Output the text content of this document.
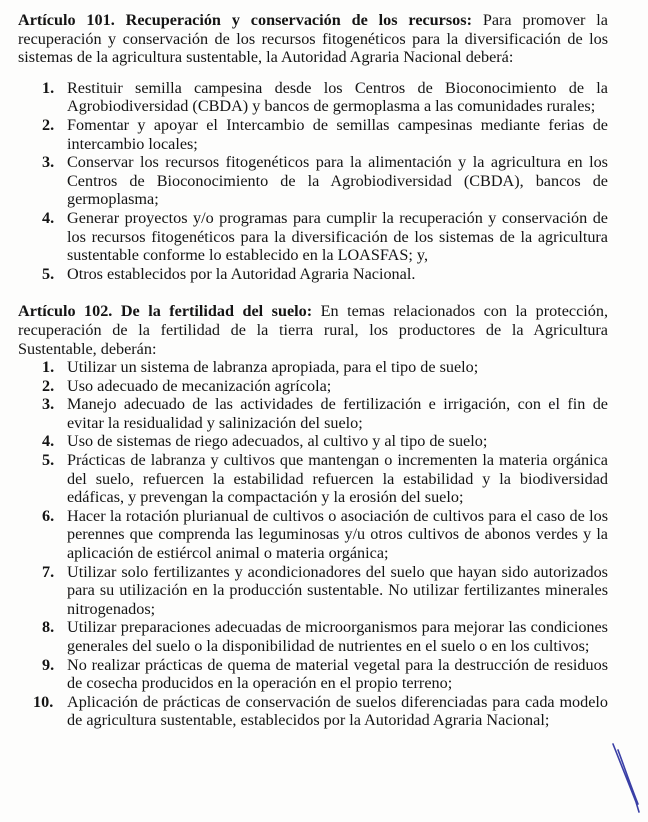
Artículo 101. Recuperación y conservación de los recursos: Para promover la recuperación y conservación de los recursos fitogenéticos para la diversificación de los sistemas de la agricultura sustentable, la Autoridad Agraria Nacional deberá:

1. Restituir semilla campesina desde los Centros de Bioconocimiento de la Agrobiodiversidad (CBDA) y bancos de germoplasma a las comunidades rurales;
2. Fomentar y apoyar el Intercambio de semillas campesinas mediante ferias de intercambio locales;
3. Conservar los recursos fitogenéticos para la alimentación y la agricultura en los Centros de Bioconocimiento de la Agrobiodiversidad (CBDA), bancos de germoplasma;
4. Generar proyectos y/o programas para cumplir la recuperación y conservación de los recursos fitogenéticos para la diversificación de los sistemas de la agricultura sustentable conforme lo establecido en la LOASFAS; y,
5. Otros establecidos por la Autoridad Agraria Nacional.

Artículo 102. De la fertilidad del suelo: En temas relacionados con la protección, recuperación de la fertilidad de la tierra rural, los productores de la Agricultura Sustentable, deberán:

1. Utilizar un sistema de labranza apropiada, para el tipo de suelo;
2. Uso adecuado de mecanización agrícola;
3. Manejo adecuado de las actividades de fertilización e irrigación, con el fin de evitar la residualidad y salinización del suelo;
4. Uso de sistemas de riego adecuados, al cultivo y al tipo de suelo;
5. Prácticas de labranza y cultivos que mantengan o incrementen la materia orgánica del suelo, refuercen la estabilidad refuercen la estabilidad y la biodiversidad edáficas, y prevengan la compactación y la erosión del suelo;
6. Hacer la rotación plurianual de cultivos o asociación de cultivos para el caso de los perennes que comprenda las leguminosas y/u otros cultivos de abonos verdes y la aplicación de estiércol animal o materia orgánica;
7. Utilizar solo fertilizantes y acondicionadores del suelo que hayan sido autorizados para su utilización en la producción sustentable. No utilizar fertilizantes minerales nitrogenados;
8. Utilizar preparaciones adecuadas de microorganismos para mejorar las condiciones generales del suelo o la disponibilidad de nutrientes en el suelo o en los cultivos;
9. No realizar prácticas de quema de material vegetal para la destrucción de residuos de cosecha producidos en la operación en el propio terreno;
10. Aplicación de prácticas de conservación de suelos diferenciadas para cada modelo de agricultura sustentable, establecidos por la Autoridad Agraria Nacional;
